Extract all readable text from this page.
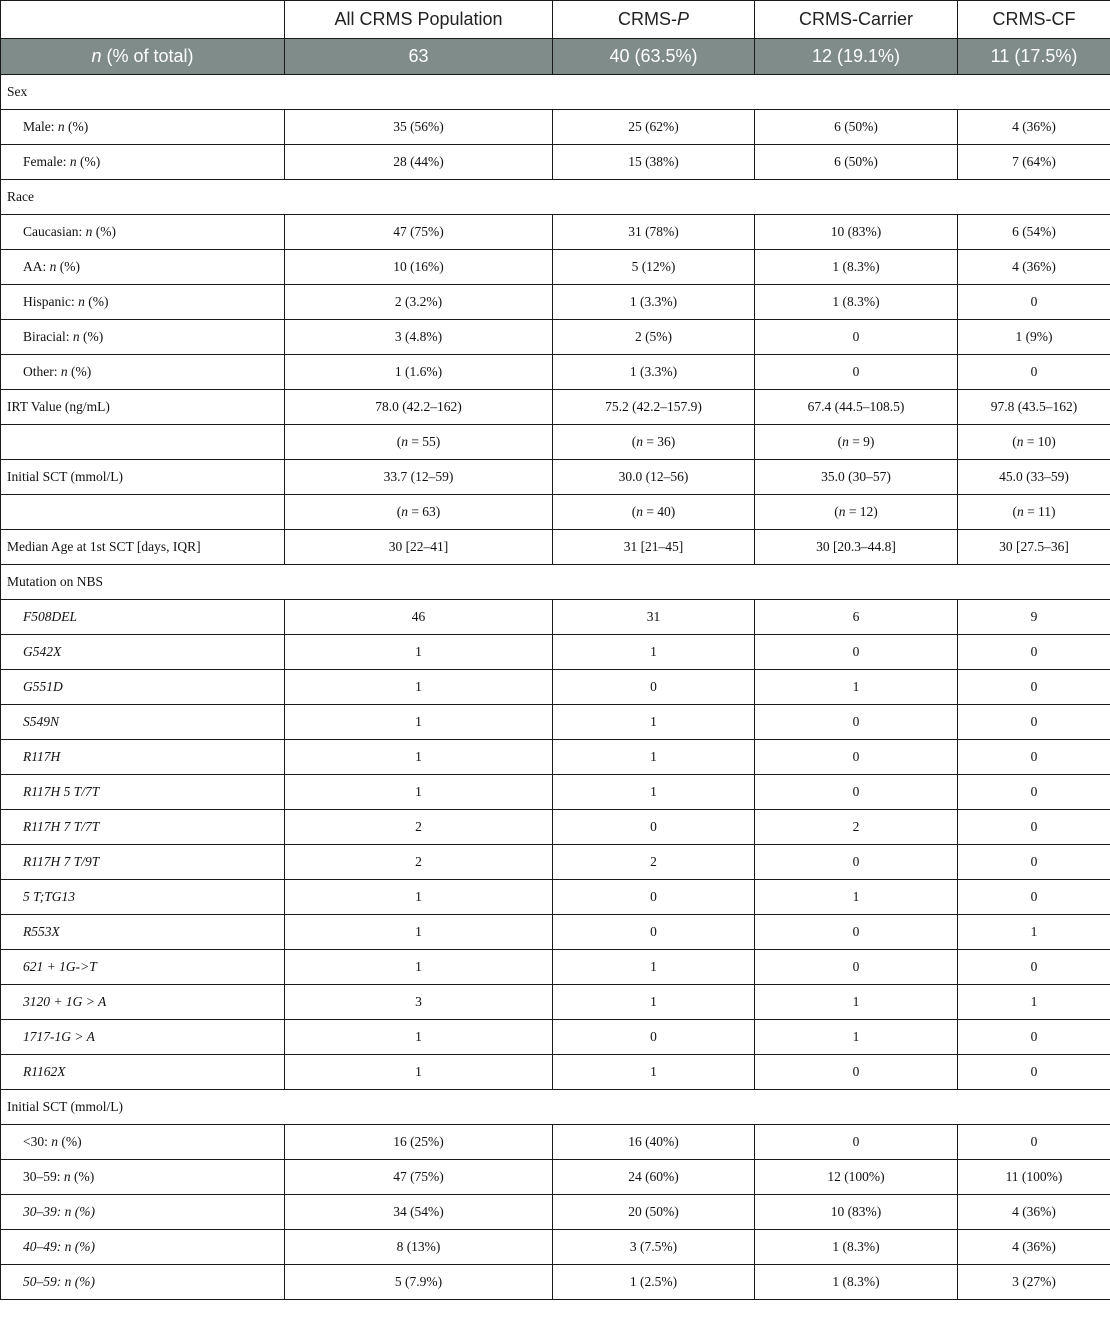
	All CRMS Population	CRMS-P	CRMS-Carrier	CRMS-CF
n (% of total)	63	40 (63.5%)	12 (19.1%)	11 (17.5%)
Sex				
Male: n (%)	35 (56%)	25 (62%)	6 (50%)	4 (36%)
Female: n (%)	28 (44%)	15 (38%)	6 (50%)	7 (64%)
Race				
Caucasian: n (%)	47 (75%)	31 (78%)	10 (83%)	6 (54%)
AA: n (%)	10 (16%)	5 (12%)	1 (8.3%)	4 (36%)
Hispanic: n (%)	2 (3.2%)	1 (3.3%)	1 (8.3%)	0
Biracial: n (%)	3 (4.8%)	2 (5%)	0	1 (9%)
Other: n (%)	1 (1.6%)	1 (3.3%)	0	0
IRT Value (ng/mL)	78.0 (42.2–162)	75.2 (42.2–157.9)	67.4 (44.5–108.5)	97.8 (43.5–162)
	(n = 55)	(n = 36)	(n = 9)	(n = 10)
Initial SCT (mmol/L)	33.7 (12–59)	30.0 (12–56)	35.0 (30–57)	45.0 (33–59)
	(n = 63)	(n = 40)	(n = 12)	(n = 11)
Median Age at 1st SCT [days, IQR]	30 [22–41]	31 [21–45]	30 [20.3–44.8]	30 [27.5–36]
Mutation on NBS				
F508DEL	46	31	6	9
G542X	1	1	0	0
G551D	1	0	1	0
S549N	1	1	0	0
R117H	1	1	0	0
R117H 5 T/7T	1	1	0	0
R117H 7 T/7T	2	0	2	0
R117H 7 T/9T	2	2	0	0
5 T;TG13	1	0	1	0
R553X	1	0	0	1
621 + 1G->T	1	1	0	0
3120 + 1G > A	3	1	1	1
1717-1G > A	1	0	1	0
R1162X	1	1	0	0
Initial SCT (mmol/L)				
<30: n (%)	16 (25%)	16 (40%)	0	0
30–59: n (%)	47 (75%)	24 (60%)	12 (100%)	11 (100%)
30–39: n (%)	34 (54%)	20 (50%)	10 (83%)	4 (36%)
40–49: n (%)	8 (13%)	3 (7.5%)	1 (8.3%)	4 (36%)
50–59: n (%)	5 (7.9%)	1 (2.5%)	1 (8.3%)	3 (27%)
